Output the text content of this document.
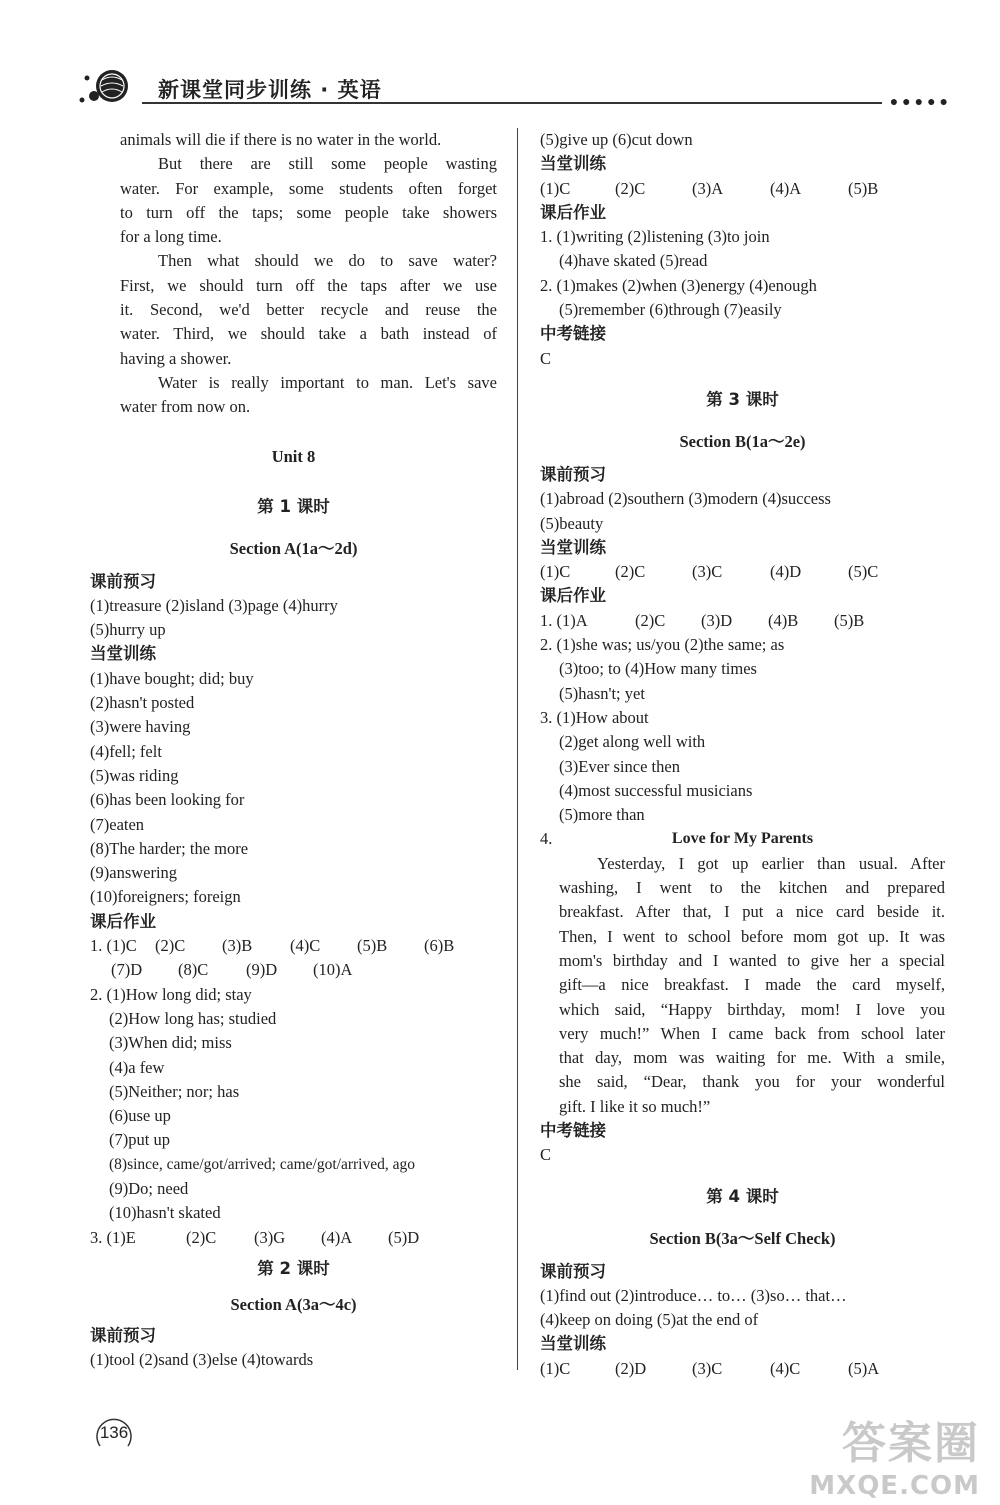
新课堂同步训练 · 英语
●●●●●
animals will die if there is no water in the world.
But there are still some people wasting
water. For example, some students often forget
to turn off the taps; some people take showers
for a long time.
Then what should we do to save water?
First, we should turn off the taps after we use
it. Second, we'd better recycle and reuse the
water. Third, we should take a bath instead of
having a shower.
Water is really important to man. Let's save
water from now on.
Unit 8
第 1 课时
Section A(1a～2d)
课前预习
(1)treasure (2)island (3)page (4)hurry
(5)hurry up
当堂训练
(1)have bought; did; buy
(2)hasn't posted
(3)were having
(4)fell; felt
(5)was riding
(6)has been looking for
(7)eaten
(8)The harder; the more
(9)answering
(10)foreigners; foreign
课后作业
1. (1)C (2)C (3)B (4)C (5)B (6)B
(7)D (8)C (9)D (10)A
2. (1)How long did; stay
(2)How long has; studied
(3)When did; miss
(4)a few
(5)Neither; nor; has
(6)use up
(7)put up
(8)since, came/got/arrived; came/got/arrived, ago
(9)Do; need
(10)hasn't skated
3. (1)E	(2)C (3)G (4)A (5)D
第 2 课时
Section A(3a～4c)
课前预习
(1)tool (2)sand (3)else (4)towards
(5)give up (6)cut down
当堂训练
(1)C	(2)C	(3)A	(4)A	(5)B
课后作业
1. (1)writing (2)listening (3)to join
(4)have skated (5)read
2. (1)makes (2)when (3)energy (4)enough
(5)remember (6)through (7)easily
中考链接
C
第 3 课时
Section B(1a～2e)
课前预习
(1)abroad (2)southern (3)modern (4)success
(5)beauty
当堂训练
(1)C	(2)C	(3)C	(4)D	(5)C
课后作业
1. (1)A	(2)C (3)D (4)B (5)B
2. (1)she was; us/you (2)the same; as
(3)too; to (4)How many times
(5)hasn't; yet
3. (1)How about
(2)get along well with
(3)Ever since then
(4)most successful musicians
(5)more than
4.	Love for My Parents
Yesterday, I got up earlier than usual. After
washing, I went to the kitchen and prepared
breakfast. After that, I put a nice card beside it.
Then, I went to school before mom got up. It was
mom's birthday and I wanted to give her a special
gift—a nice breakfast. I made the card myself,
which said, “Happy birthday, mom! I love you
very much!” When I came back from school later
that day, mom was waiting for me. With a smile,
she said, “Dear, thank you for your wonderful
gift. I like it so much!”
中考链接
C
第 4 课时
Section B(3a～Self Check)
课前预习
(1)find out (2)introduce… to… (3)so… that…
(4)keep on doing (5)at the end of
当堂训练
(1)C	(2)D	(3)C	(4)C	(5)A
136	答案圈
MXQE.COM
